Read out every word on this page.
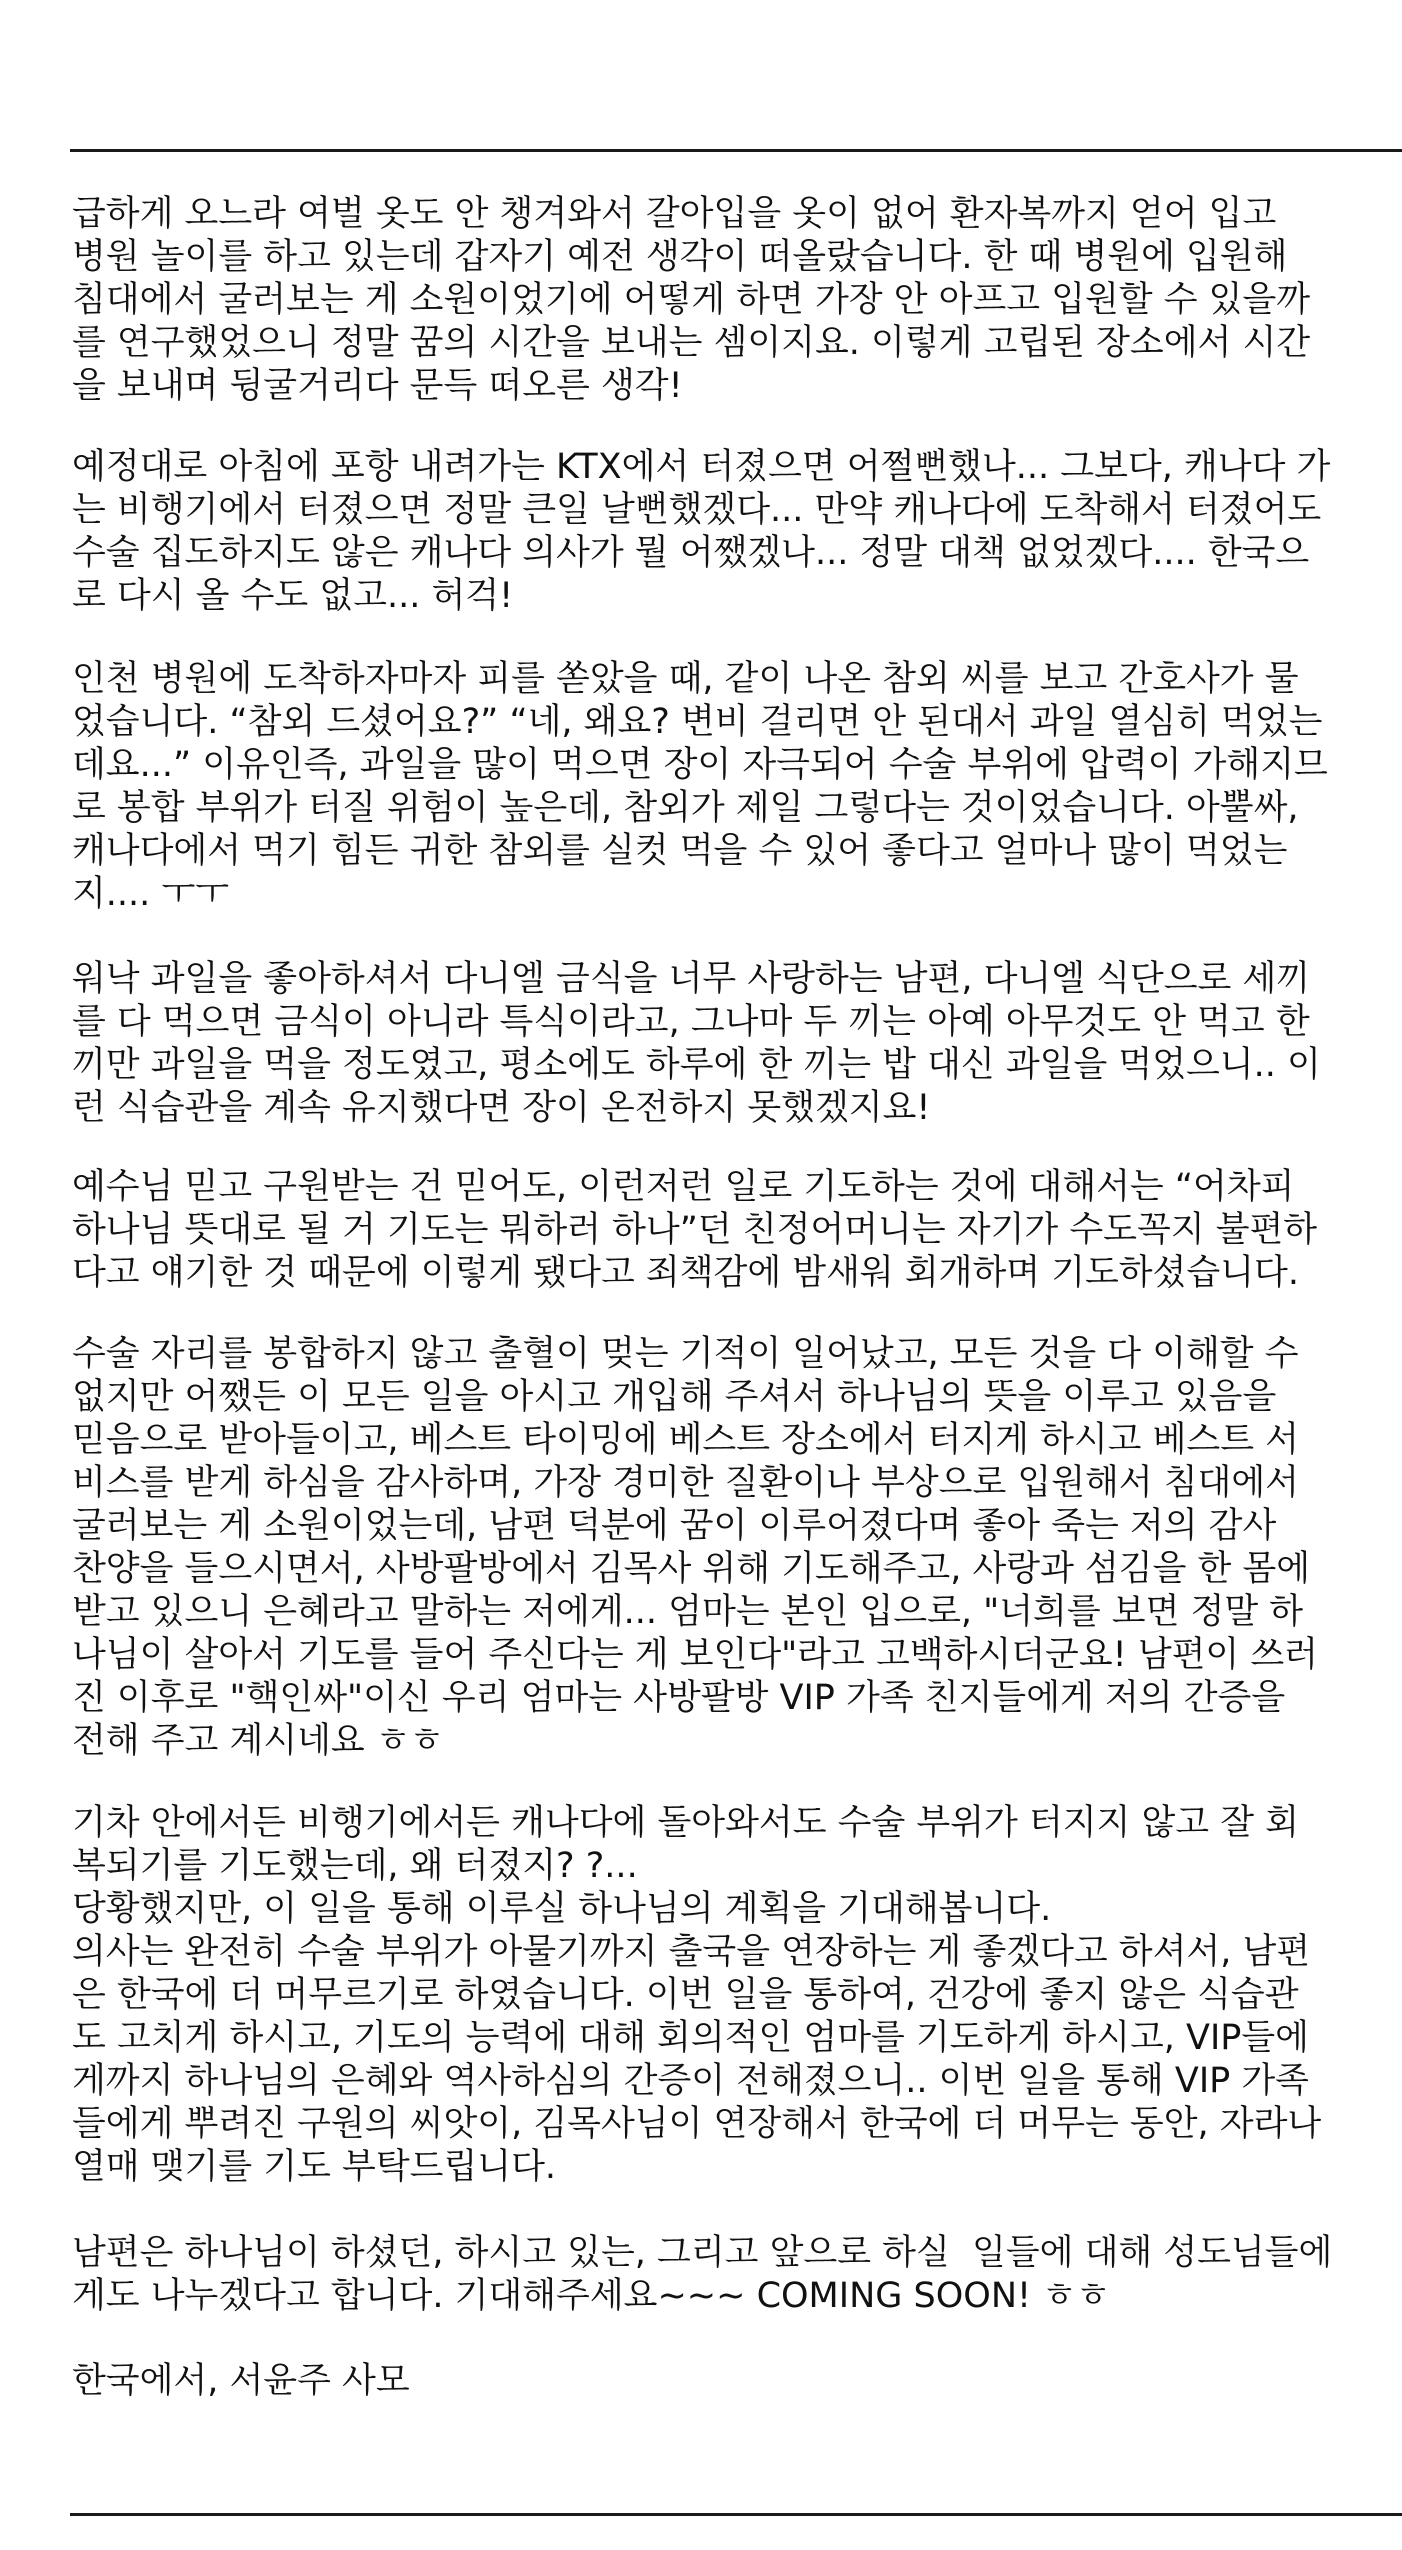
급하게 오느라 여벌 옷도 안 챙겨와서 갈아입을 옷이 없어 환자복까지 얻어 입고
병원 놀이를 하고 있는데 갑자기 예전 생각이 떠올랐습니다. 한 때 병원에 입원해
침대에서 굴러보는 게 소원이었기에 어떻게 하면 가장 안 아프고 입원할 수 있을까
를 연구했었으니 정말 꿈의 시간을 보내는 셈이지요. 이렇게 고립된 장소에서 시간
을 보내며 뒹굴거리다 문득 떠오른 생각!

예정대로 아침에 포항 내려가는 KTX에서 터졌으면 어쩔뻔했나... 그보다, 캐나다 가
는 비행기에서 터졌으면 정말 큰일 날뻔했겠다... 만약 캐나다에 도착해서 터졌어도
수술 집도하지도 않은 캐나다 의사가 뭘 어쨌겠나... 정말 대책 없었겠다.... 한국으
로 다시 올 수도 없고... 허걱!

인천 병원에 도착하자마자 피를 쏟았을 때, 같이 나온 참외 씨를 보고 간호사가 물
었습니다. “참외 드셨어요?” “네, 왜요? 변비 걸리면 안 된대서 과일 열심히 먹었는
데요...” 이유인즉, 과일을 많이 먹으면 장이 자극되어 수술 부위에 압력이 가해지므
로 봉합 부위가 터질 위험이 높은데, 참외가 제일 그렇다는 것이었습니다. 아뿔싸,
캐나다에서 먹기 힘든 귀한 참외를 실컷 먹을 수 있어 좋다고 얼마나 많이 먹었는
지.... ㅜㅜ

워낙 과일을 좋아하셔서 다니엘 금식을 너무 사랑하는 남편, 다니엘 식단으로 세끼
를 다 먹으면 금식이 아니라 특식이라고, 그나마 두 끼는 아예 아무것도 안 먹고 한
끼만 과일을 먹을 정도였고, 평소에도 하루에 한 끼는 밥 대신 과일을 먹었으니.. 이
런 식습관을 계속 유지했다면 장이 온전하지 못했겠지요!

예수님 믿고 구원받는 건 믿어도, 이런저런 일로 기도하는 것에 대해서는 “어차피
하나님 뜻대로 될 거 기도는 뭐하러 하나”던 친정어머니는 자기가 수도꼭지 불편하
다고 얘기한 것 때문에 이렇게 됐다고 죄책감에 밤새워 회개하며 기도하셨습니다.

수술 자리를 봉합하지 않고 출혈이 멎는 기적이 일어났고, 모든 것을 다 이해할 수
없지만 어쨌든 이 모든 일을 아시고 개입해 주셔서 하나님의 뜻을 이루고 있음을
믿음으로 받아들이고, 베스트 타이밍에 베스트 장소에서 터지게 하시고 베스트 서
비스를 받게 하심을 감사하며, 가장 경미한 질환이나 부상으로 입원해서 침대에서
굴러보는 게 소원이었는데, 남편 덕분에 꿈이 이루어졌다며 좋아 죽는 저의 감사
찬양을 들으시면서, 사방팔방에서 김목사 위해 기도해주고, 사랑과 섬김을 한 몸에
받고 있으니 은혜라고 말하는 저에게... 엄마는 본인 입으로, "너희를 보면 정말 하
나님이 살아서 기도를 들어 주신다는 게 보인다"라고 고백하시더군요! 남편이 쓰러
진 이후로 "핵인싸"이신 우리 엄마는 사방팔방 VIP 가족 친지들에게 저의 간증을
전해 주고 계시네요 ㅎㅎ

기차 안에서든 비행기에서든 캐나다에 돌아와서도 수술 부위가 터지지 않고 잘 회
복되기를 기도했는데, 왜 터졌지? ?...

당황했지만, 이 일을 통해 이루실 하나님의 계획을 기대해봅니다.
의사는 완전히 수술 부위가 아물기까지 출국을 연장하는 게 좋겠다고 하셔서, 남편
은 한국에 더 머무르기로 하였습니다. 이번 일을 통하여, 건강에 좋지 않은 식습관
도 고치게 하시고, 기도의 능력에 대해 회의적인 엄마를 기도하게 하시고, VIP들에
게까지 하나님의 은혜와 역사하심의 간증이 전해졌으니.. 이번 일을 통해 VIP 가족
들에게 뿌려진 구원의 씨앗이, 김목사님이 연장해서 한국에 더 머무는 동안, 자라나
열매 맺기를 기도 부탁드립니다.

남편은 하나님이 하셨던, 하시고 있는, 그리고 앞으로 하실  일들에 대해 성도님들에
게도 나누겠다고 합니다. 기대해주세요~~~ COMING SOON! ㅎㅎ

한국에서, 서윤주 사모
